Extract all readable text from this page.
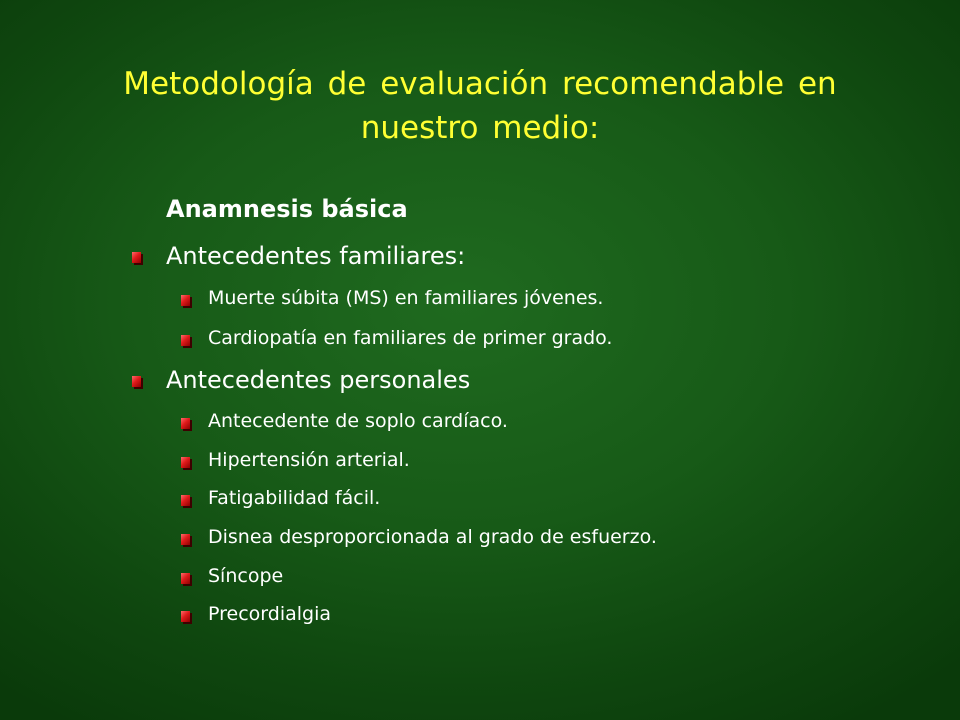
Metodología de evaluación recomendable en nuestro medio:
Anamnesis básica
Antecedentes familiares:
Muerte súbita (MS) en familiares jóvenes.
Cardiopatía en familiares de primer grado.
Antecedentes personales
Antecedente de soplo cardíaco.
Hipertensión arterial.
Fatigabilidad fácil.
Disnea desproporcionada al grado de esfuerzo.
Síncope
Precordialgia
